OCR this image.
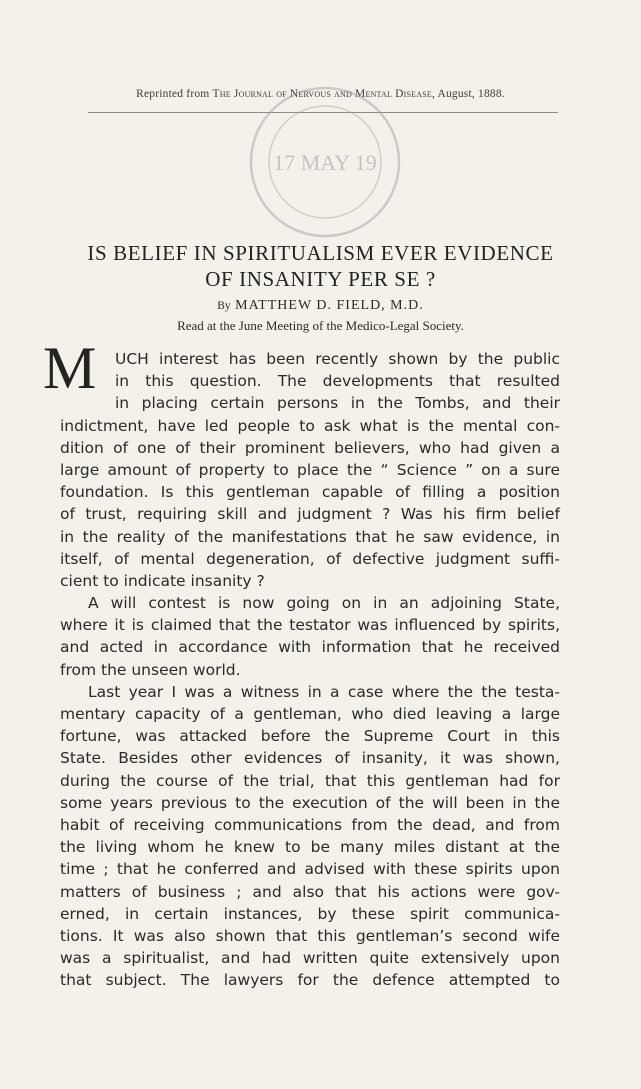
Reprinted from The Journal of Nervous and Mental Disease, August, 1888.
17 MAY 19
IS BELIEF IN SPIRITUALISM EVER EVIDENCE
OF INSANITY PER SE ?
By MATTHEW D. FIELD, M.D.
Read at the June Meeting of the Medico-Legal Society.
M	UCH interest has been recently shown by the public
in this question. The developments that resulted
in placing certain persons in the Tombs, and their
indictment, have led people to ask what is the mental con-
dition of one of their prominent believers, who had given a
large amount of property to place the “ Science ” on a sure
foundation. Is this gentleman capable of filling a position
of trust, requiring skill and judgment ? Was his firm belief
in the reality of the manifestations that he saw evidence, in
itself, of mental degeneration, of defective judgment suffi-
cient to indicate insanity ?
A will contest is now going on in an adjoining State,
where it is claimed that the testator was influenced by spirits,
and acted in accordance with information that he received
from the unseen world.
Last year I was a witness in a case where the the testa-
mentary capacity of a gentleman, who died leaving a large
fortune, was attacked before the Supreme Court in this
State. Besides other evidences of insanity, it was shown,
during the course of the trial, that this gentleman had for
some years previous to the execution of the will been in the
habit of receiving communications from the dead, and from
the living whom he knew to be many miles distant at the
time ; that he conferred and advised with these spirits upon
matters of business ; and also that his actions were gov-
erned, in certain instances, by these spirit communica-
tions. It was also shown that this gentleman’s second wife
was a spiritualist, and had written quite extensively upon
that subject. The lawyers for the defence attempted to
